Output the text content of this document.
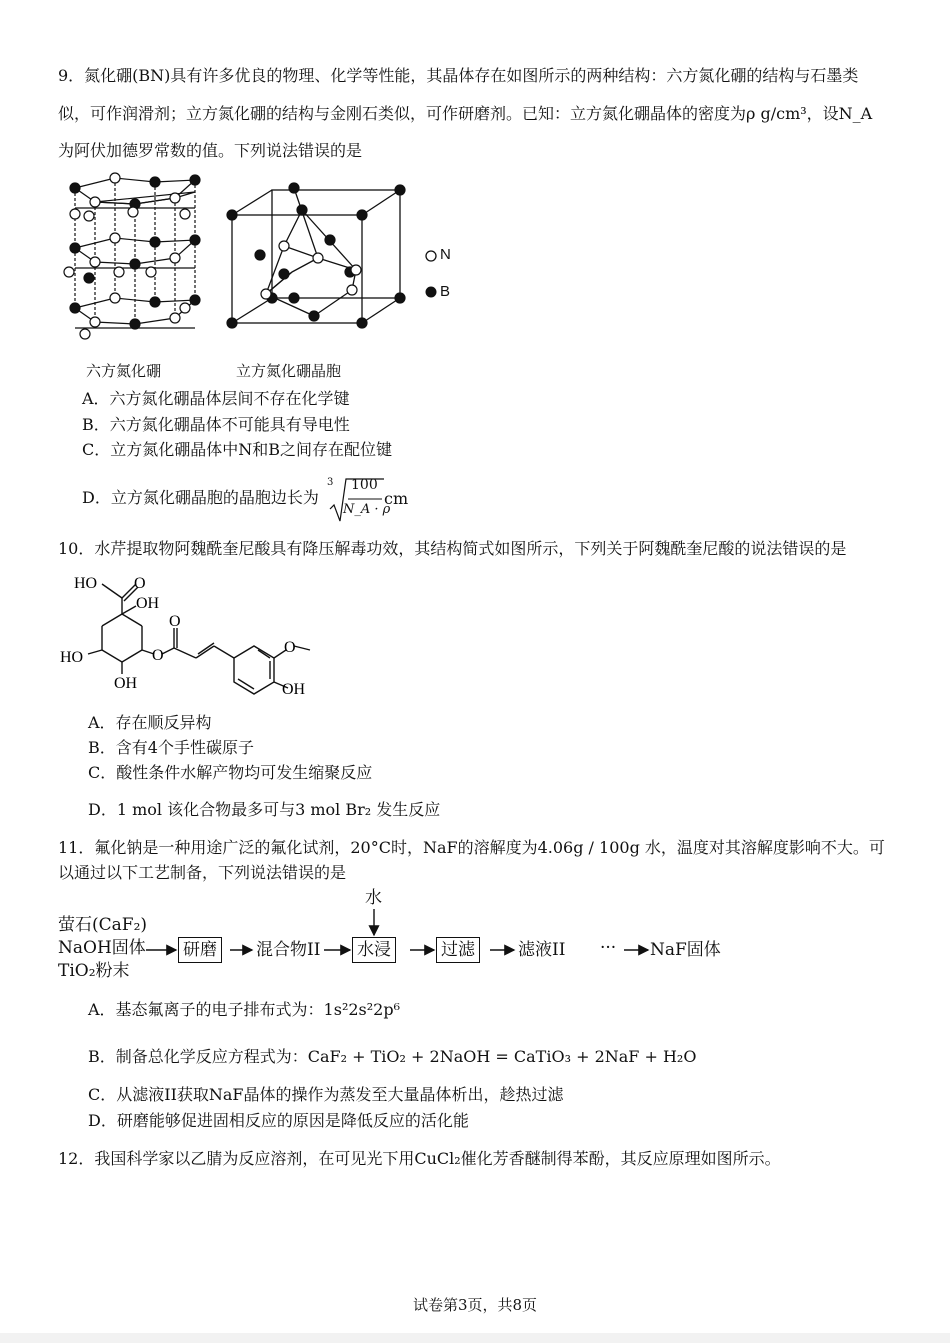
9．氮化硼(BN)具有许多优良的物理、化学等性能，其晶体存在如图所示的两种结构：六方氮化硼的结构与石墨类
似，可作润滑剂；立方氮化硼的结构与金刚石类似，可作研磨剂。已知：立方氮化硼晶体的密度为ρ g/cm³，设N_A
为阿伏加德罗常数的值。下列说法错误的是
六方氮化硼	立方氮化硼晶胞
N
B
A．六方氮化硼晶体层间不存在化学键
B．六方氮化硼晶体不可能具有导电性
C．立方氮化硼晶体中N和B之间存在配位键
D．立方氮化硼晶胞的晶胞边长为
3 100
N_A · ρ
cm
10．水芹提取物阿魏酰奎尼酸具有降压解毒功效，其结构简式如图所示，下列关于阿魏酰奎尼酸的说法错误的是
HO O
OH
HO
OH
O
O
O
OH
A．存在顺反异构
B．含有4个手性碳原子
C．酸性条件水解产物均可发生缩聚反应
D．1 mol 该化合物最多可与3 mol Br₂ 发生反应
11．氟化钠是一种用途广泛的氟化试剂，20°C时，NaF的溶解度为4.06g / 100g 水，温度对其溶解度影响不大。可
以通过以下工艺制备，下列说法错误的是
水
萤石(CaF₂)
NaOH固体
TiO₂粉末
研磨 混合物II 水浸	过滤	滤液II ··· NaF固体
A．基态氟离子的电子排布式为：1s²2s²2p⁶
B．制备总化学反应方程式为：CaF₂ + TiO₂ + 2NaOH = CaTiO₃ + 2NaF + H₂O
C．从滤液II获取NaF晶体的操作为蒸发至大量晶体析出，趁热过滤
D．研磨能够促进固相反应的原因是降低反应的活化能
12．我国科学家以乙腈为反应溶剂，在可见光下用CuCl₂催化芳香醚制得苯酚，其反应原理如图所示。
试卷第3页，共8页
